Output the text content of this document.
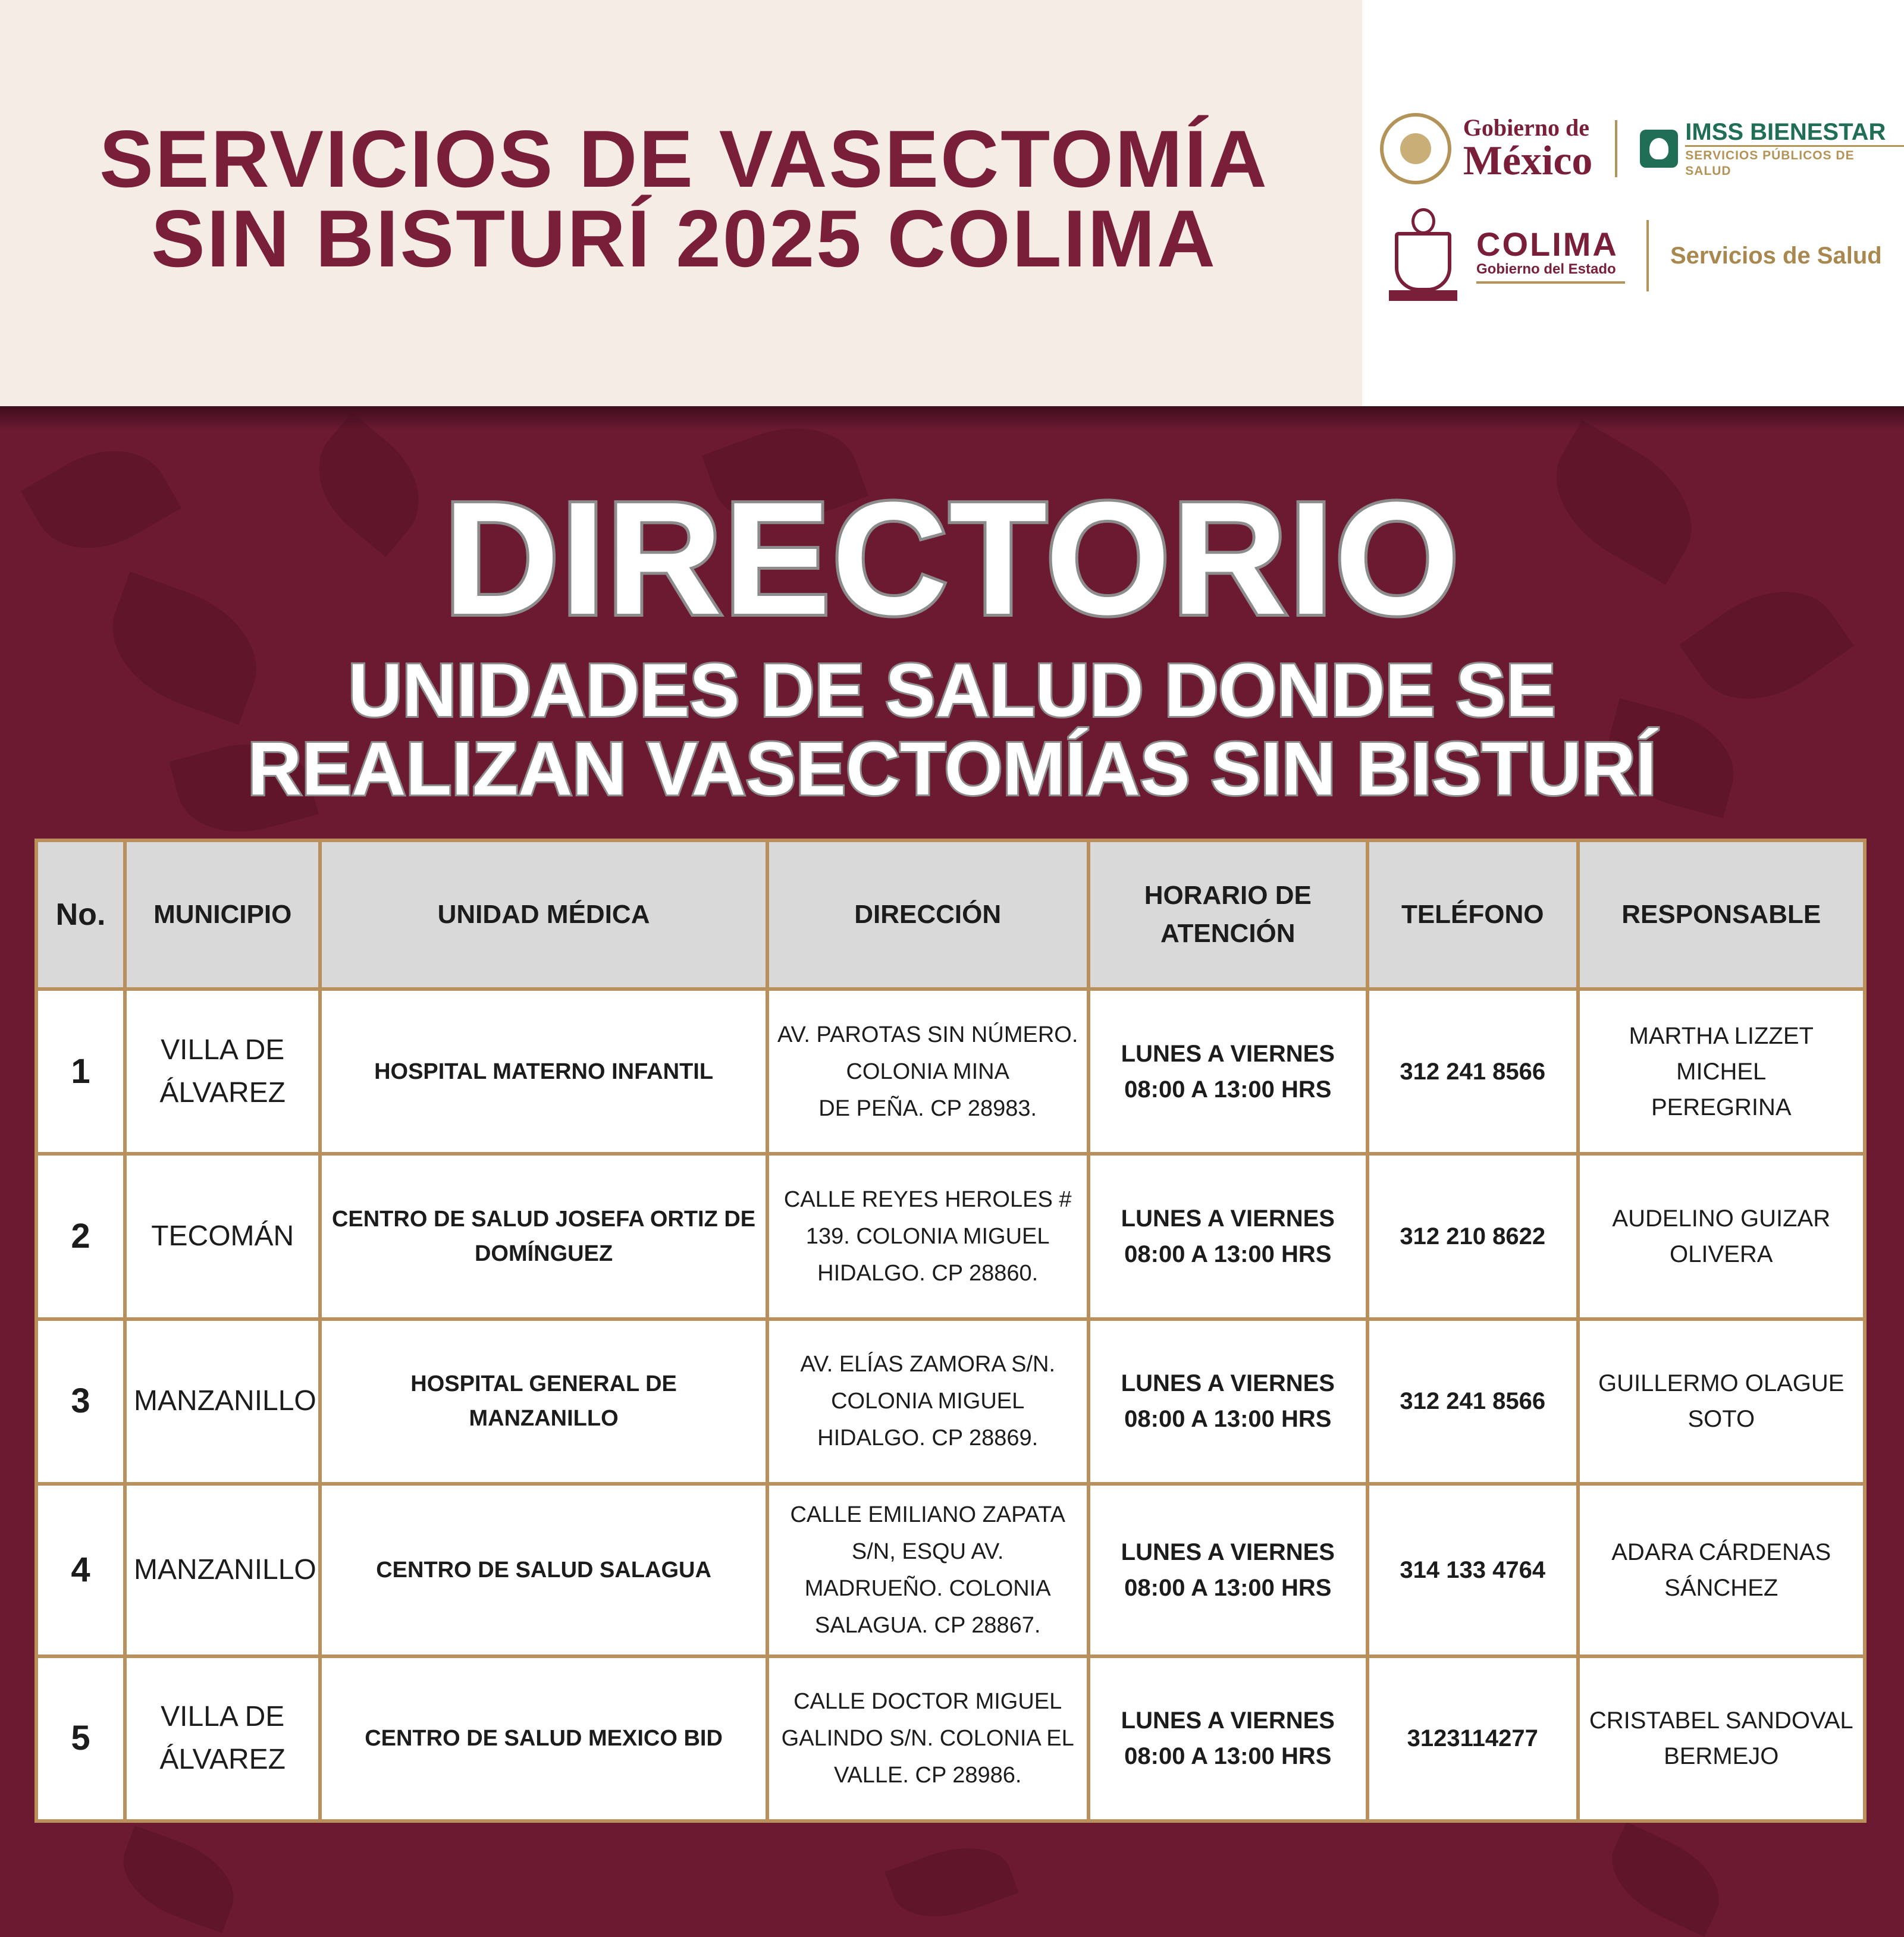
SERVICIOS DE VASECTOMÍA
SIN BISTURÍ 2025 COLIMA
Gobierno de
México
IMSS BIENESTAR
SERVICIOS PÚBLICOS DE SALUD
COLIMA
Gobierno del Estado
Servicios de Salud
DIRECTORIO
UNIDADES DE SALUD DONDE SE
REALIZAN VASECTOMÍAS SIN BISTURÍ
No.	MUNICIPIO	UNIDAD MÉDICA	DIRECCIÓN	HORARIO DE
ATENCIÓN	TELÉFONO	RESPONSABLE
1	VILLA DE
ÁLVAREZ	HOSPITAL MATERNO INFANTIL	AV. PAROTAS SIN NÚMERO.
COLONIA MINA
DE PEÑA. CP 28983.	LUNES A VIERNES
08:00 A 13:00 HRS	312 241 8566	MARTHA LIZZET MICHEL
PEREGRINA

2	TECOMÁN	CENTRO DE SALUD JOSEFA ORTIZ DE
DOMÍNGUEZ	CALLE REYES HEROLES #
139. COLONIA MIGUEL
HIDALGO. CP 28860.	LUNES A VIERNES
08:00 A 13:00 HRS	312 210 8622	AUDELINO GUIZAR
OLIVERA

3	MANZANILLO	HOSPITAL GENERAL DE
MANZANILLO	AV. ELÍAS ZAMORA S/N.
COLONIA MIGUEL
HIDALGO. CP 28869.	LUNES A VIERNES
08:00 A 13:00 HRS	312 241 8566	GUILLERMO OLAGUE
SOTO

4	MANZANILLO	CENTRO DE SALUD SALAGUA	CALLE EMILIANO ZAPATA
S/N, ESQU AV.
MADRUEÑO. COLONIA
SALAGUA. CP 28867.	LUNES A VIERNES
08:00 A 13:00 HRS	314 133 4764	ADARA CÁRDENAS
SÁNCHEZ

5	VILLA DE
ÁLVAREZ	CENTRO DE SALUD MEXICO BID	CALLE DOCTOR MIGUEL
GALINDO S/N. COLONIA EL
VALLE. CP 28986.	LUNES A VIERNES
08:00 A 13:00 HRS	3123114277	CRISTABEL SANDOVAL
BERMEJO
